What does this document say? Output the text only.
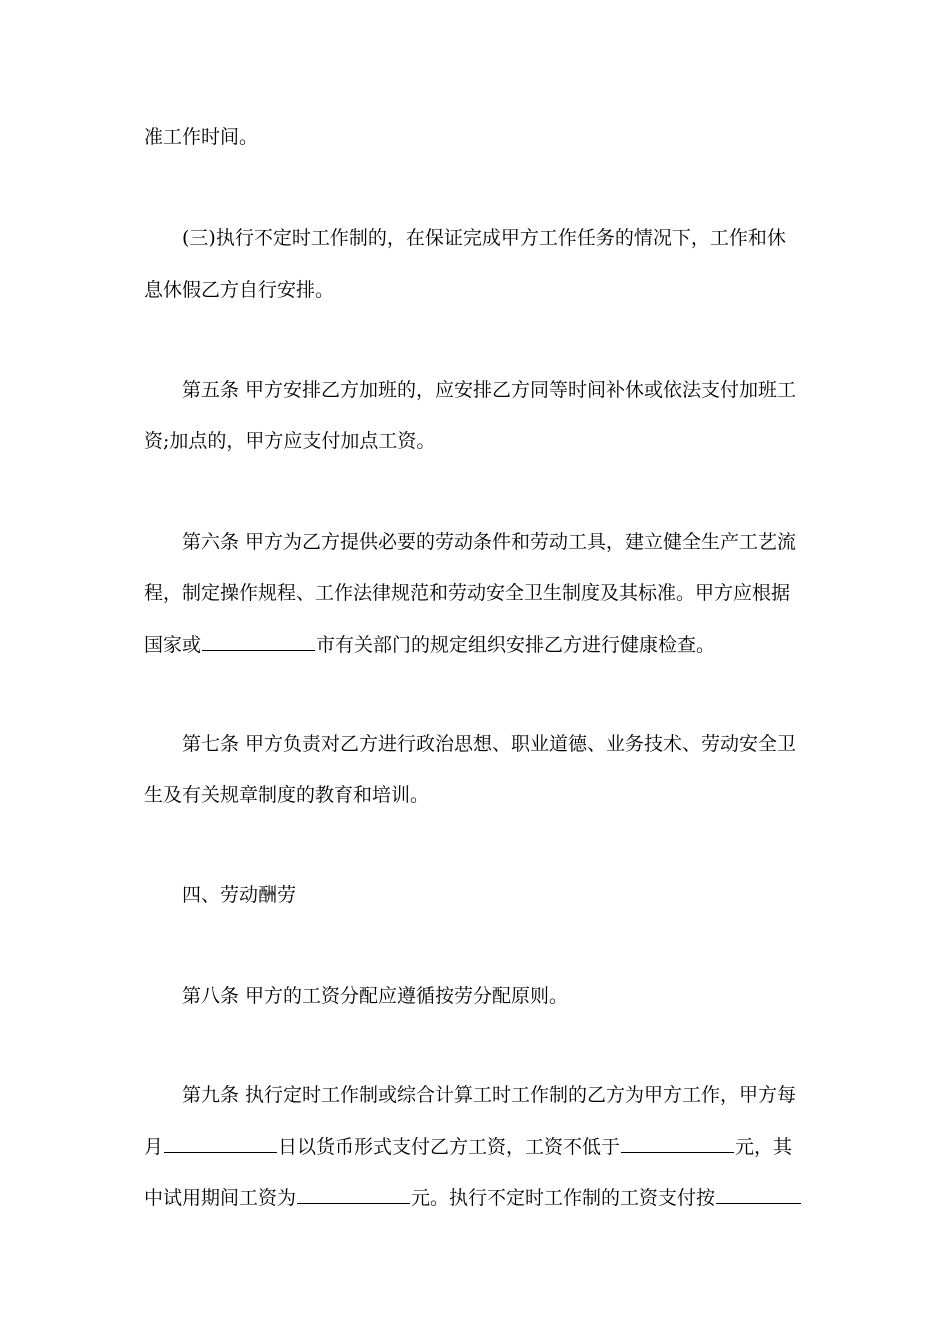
准工作时间。
(三)执行不定时工作制的，在保证完成甲方工作任务的情况下，工作和休
息休假乙方自行安排。
第五条 甲方安排乙方加班的，应安排乙方同等时间补休或依法支付加班工
资;加点的，甲方应支付加点工资。
第六条 甲方为乙方提供必要的劳动条件和劳动工具，建立健全生产工艺流
程，制定操作规程、工作法律规范和劳动安全卫生制度及其标准。甲方应根据
国家或	市有关部门的规定组织安排乙方进行健康检查。
第七条 甲方负责对乙方进行政治思想、职业道德、业务技术、劳动安全卫
生及有关规章制度的教育和培训。
四、劳动酬劳
第八条 甲方的工资分配应遵循按劳分配原则。
第九条 执行定时工作制或综合计算工时工作制的乙方为甲方工作，甲方每
月	日以货币形式支付乙方工资，工资不低于	元，其
中试用期间工资为	元。执行不定时工作制的工资支付按
